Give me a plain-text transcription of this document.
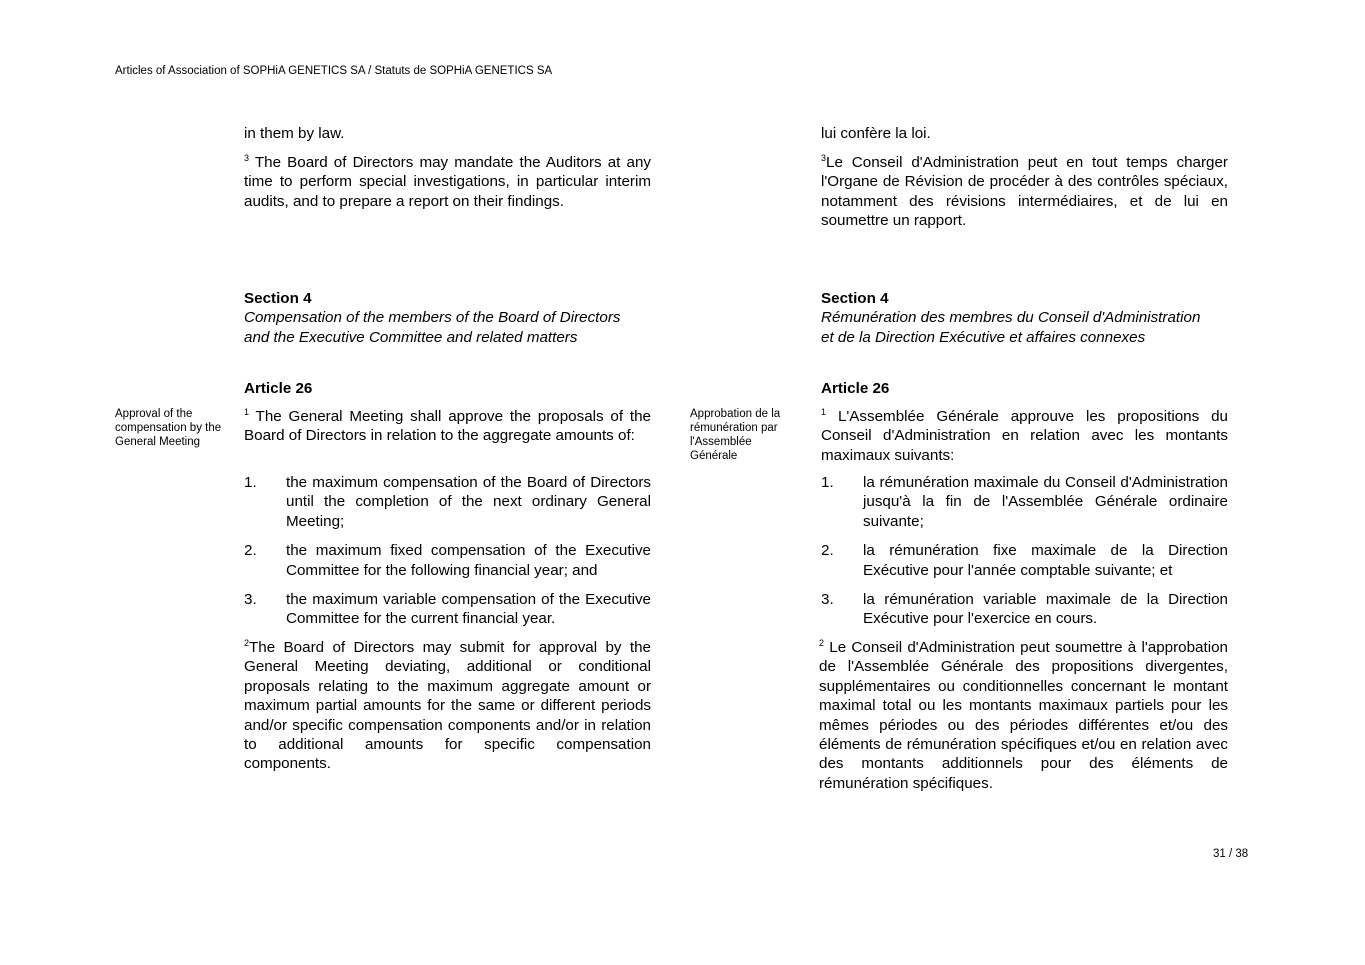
Articles of Association of SOPHiA GENETICS SA / Statuts de SOPHiA GENETICS SA

in them by law.

$^3$ The Board of Directors may mandate the Auditors at any time to perform special investigations, in particular interim audits, and to prepare a report on their findings.

Section 4
Compensation of the members of the Board of Directors
and the Executive Committee and related matters
Article 26
Approval of the compensation by the General Meeting

$^1$ The General Meeting shall approve the proposals of the Board of Directors in relation to the aggregate amounts of:

1. the maximum compensation of the Board of Directors until the completion of the next ordinary General Meeting;
2. the maximum fixed compensation of the Executive Committee for the following financial year; and
3. the maximum variable compensation of the Executive Committee for the current financial year.

$^2$The Board of Directors may submit for approval by the General Meeting deviating, additional or conditional proposals relating to the maximum aggregate amount or maximum partial amounts for the same or different periods and/or specific compensation components and/or in relation to additional amounts for specific compensation components.

lui confère la loi.

$^3$Le Conseil d'Administration peut en tout temps charger l'Organe de Révision de procéder à des contrôles spéciaux, notamment des révisions intermédiaires, et de lui en soumettre un rapport.

Section 4
Rémunération des membres du Conseil d'Administration
et de la Direction Exécutive et affaires connexes
Article 26
Approbation de la rémunération par l'Assemblée Générale

$^1$ L'Assemblée Générale approuve les propositions du Conseil d'Administration en relation avec les montants maximaux suivants:

1. la rémunération maximale du Conseil d'Administration jusqu'à la fin de l'Assemblée Générale ordinaire suivante;
2. la rémunération fixe maximale de la Direction Exécutive pour l'année comptable suivante; et
3. la rémunération variable maximale de la Direction Exécutive pour l'exercice en cours.

$^2$ Le Conseil d'Administration peut soumettre à l'approbation de l'Assemblée Générale des propositions divergentes, supplémentaires ou conditionnelles concernant le montant maximal total ou les montants maximaux partiels pour les mêmes périodes ou des périodes différentes et/ou des éléments de rémunération spécifiques et/ou en relation avec des montants additionnels pour des éléments de rémunération spécifiques.

31 / 38
